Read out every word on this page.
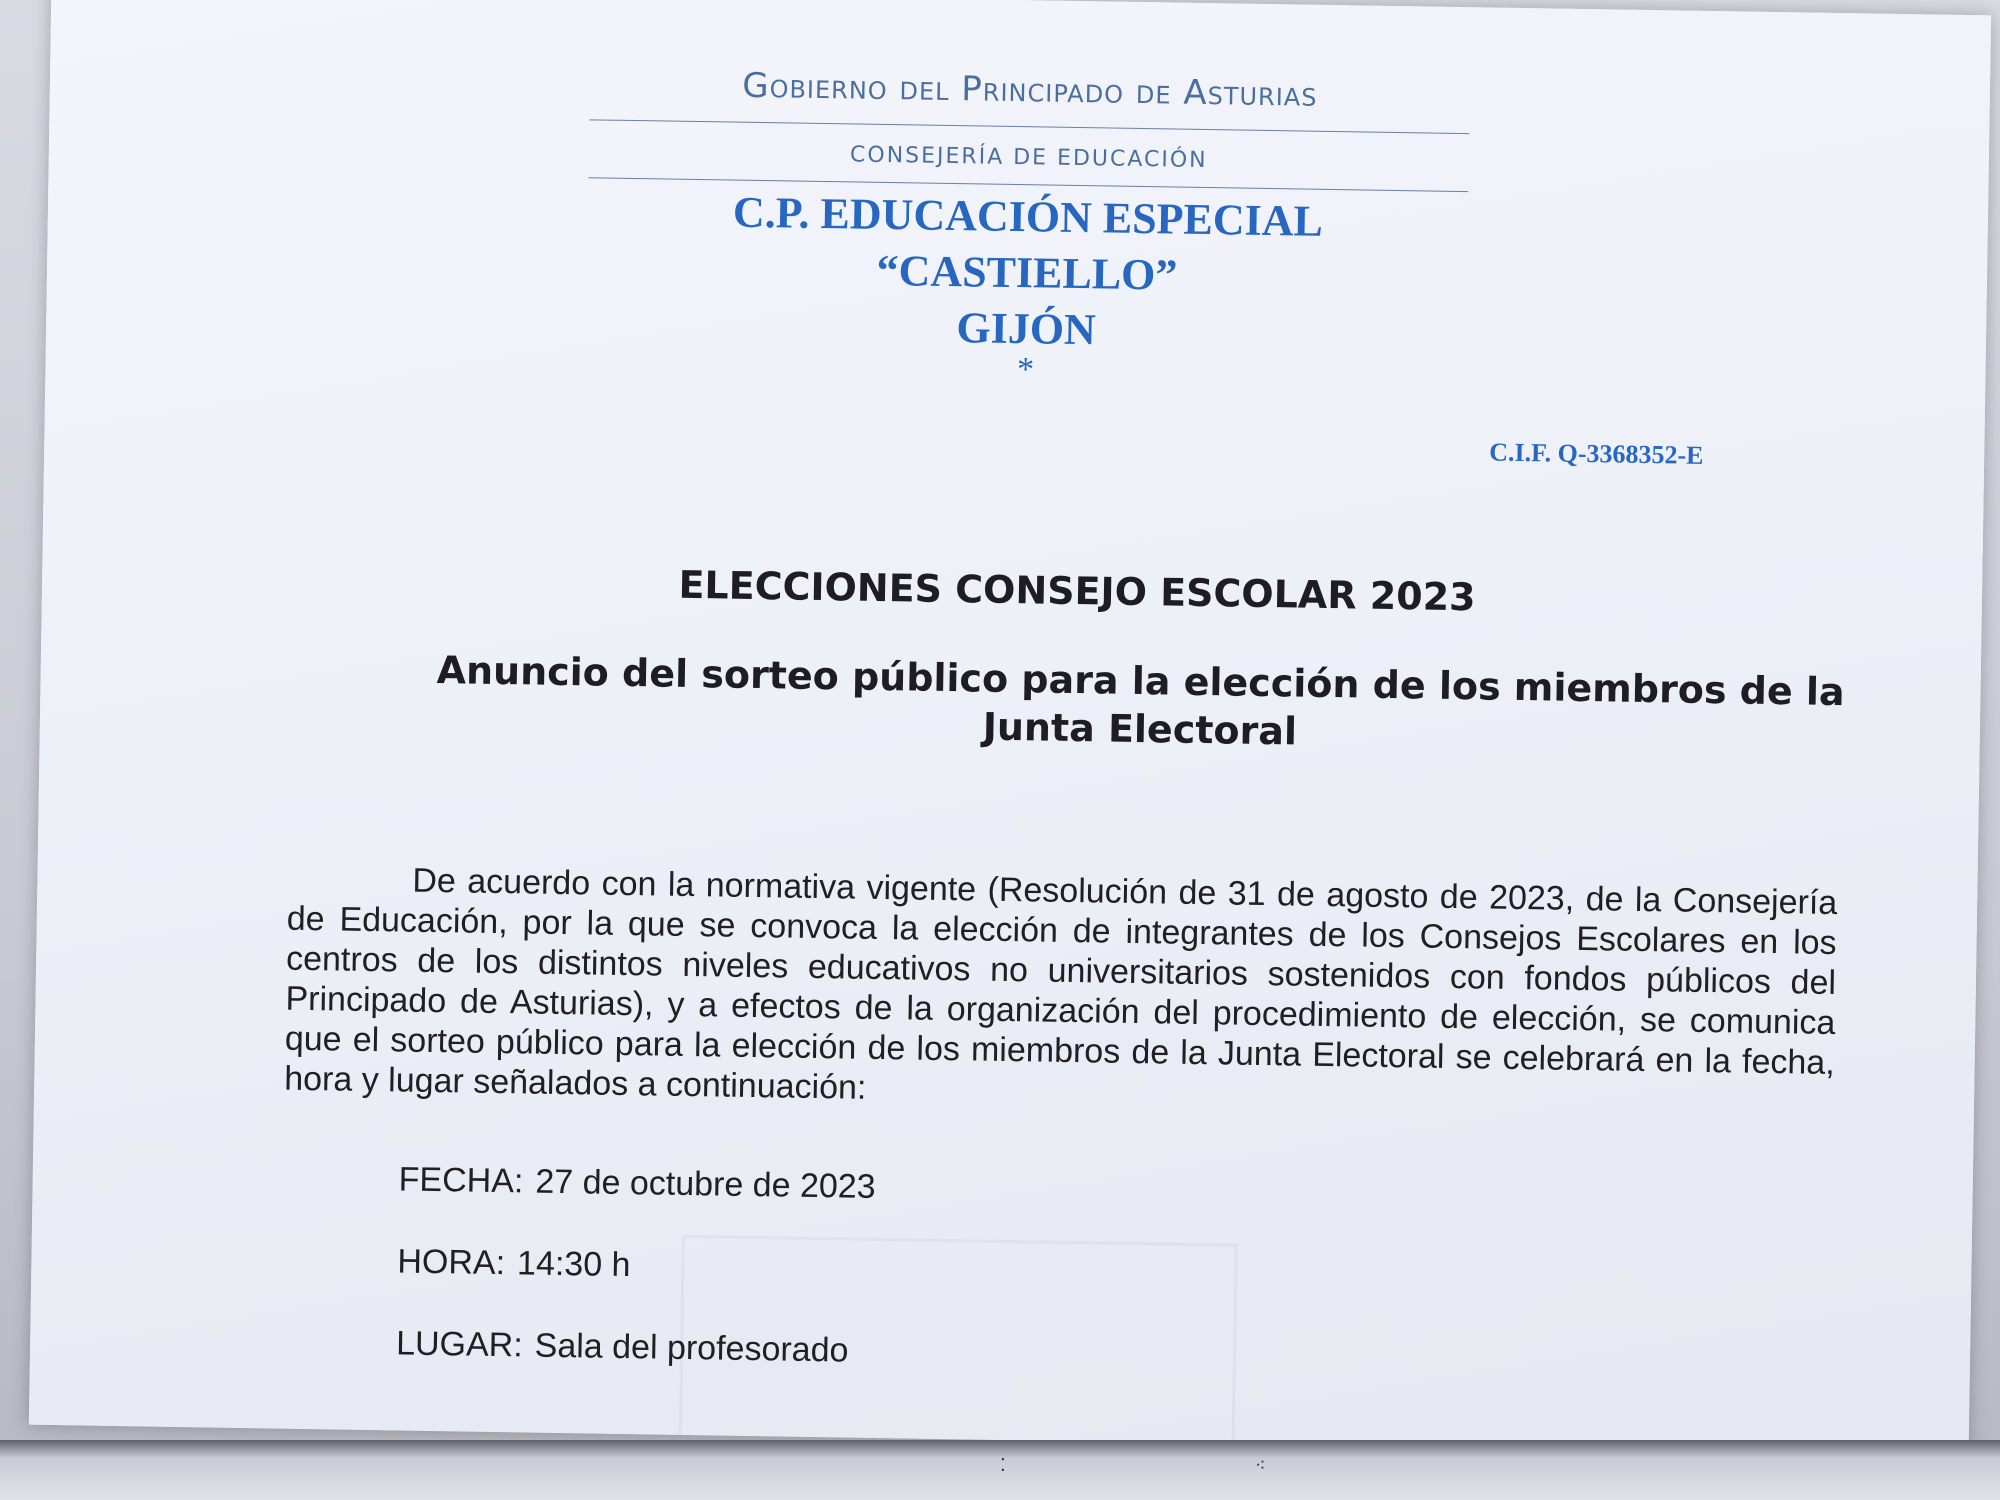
Gobierno del Principado de Asturias
CONSEJERÍA DE EDUCACIÓN
C.P. EDUCACIÓN ESPECIAL
“CASTIELLO”
GIJÓN
*
C.I.F. Q-3368352-E
ELECCIONES CONSEJO ESCOLAR 2023
Anuncio del sorteo público para la elección de los miembros de la Junta Electoral
De acuerdo con la normativa vigente (Resolución de 31 de agosto de 2023, de la Consejería de Educación, por la que se convoca la elección de integrantes de los Consejos Escolares en los centros de los distintos niveles educativos no universitarios sostenidos con fondos públicos del Principado de Asturias), y a efectos de la organización del procedimiento de elección, se comunica que el sorteo público para la elección de los miembros de la Junta Electoral se celebrará en la fecha, hora y lugar señalados a continuación:
FECHA: 27 de octubre de 2023
HORA: 14:30 h
LUGAR: Sala del profesorado
⁚	⁖
